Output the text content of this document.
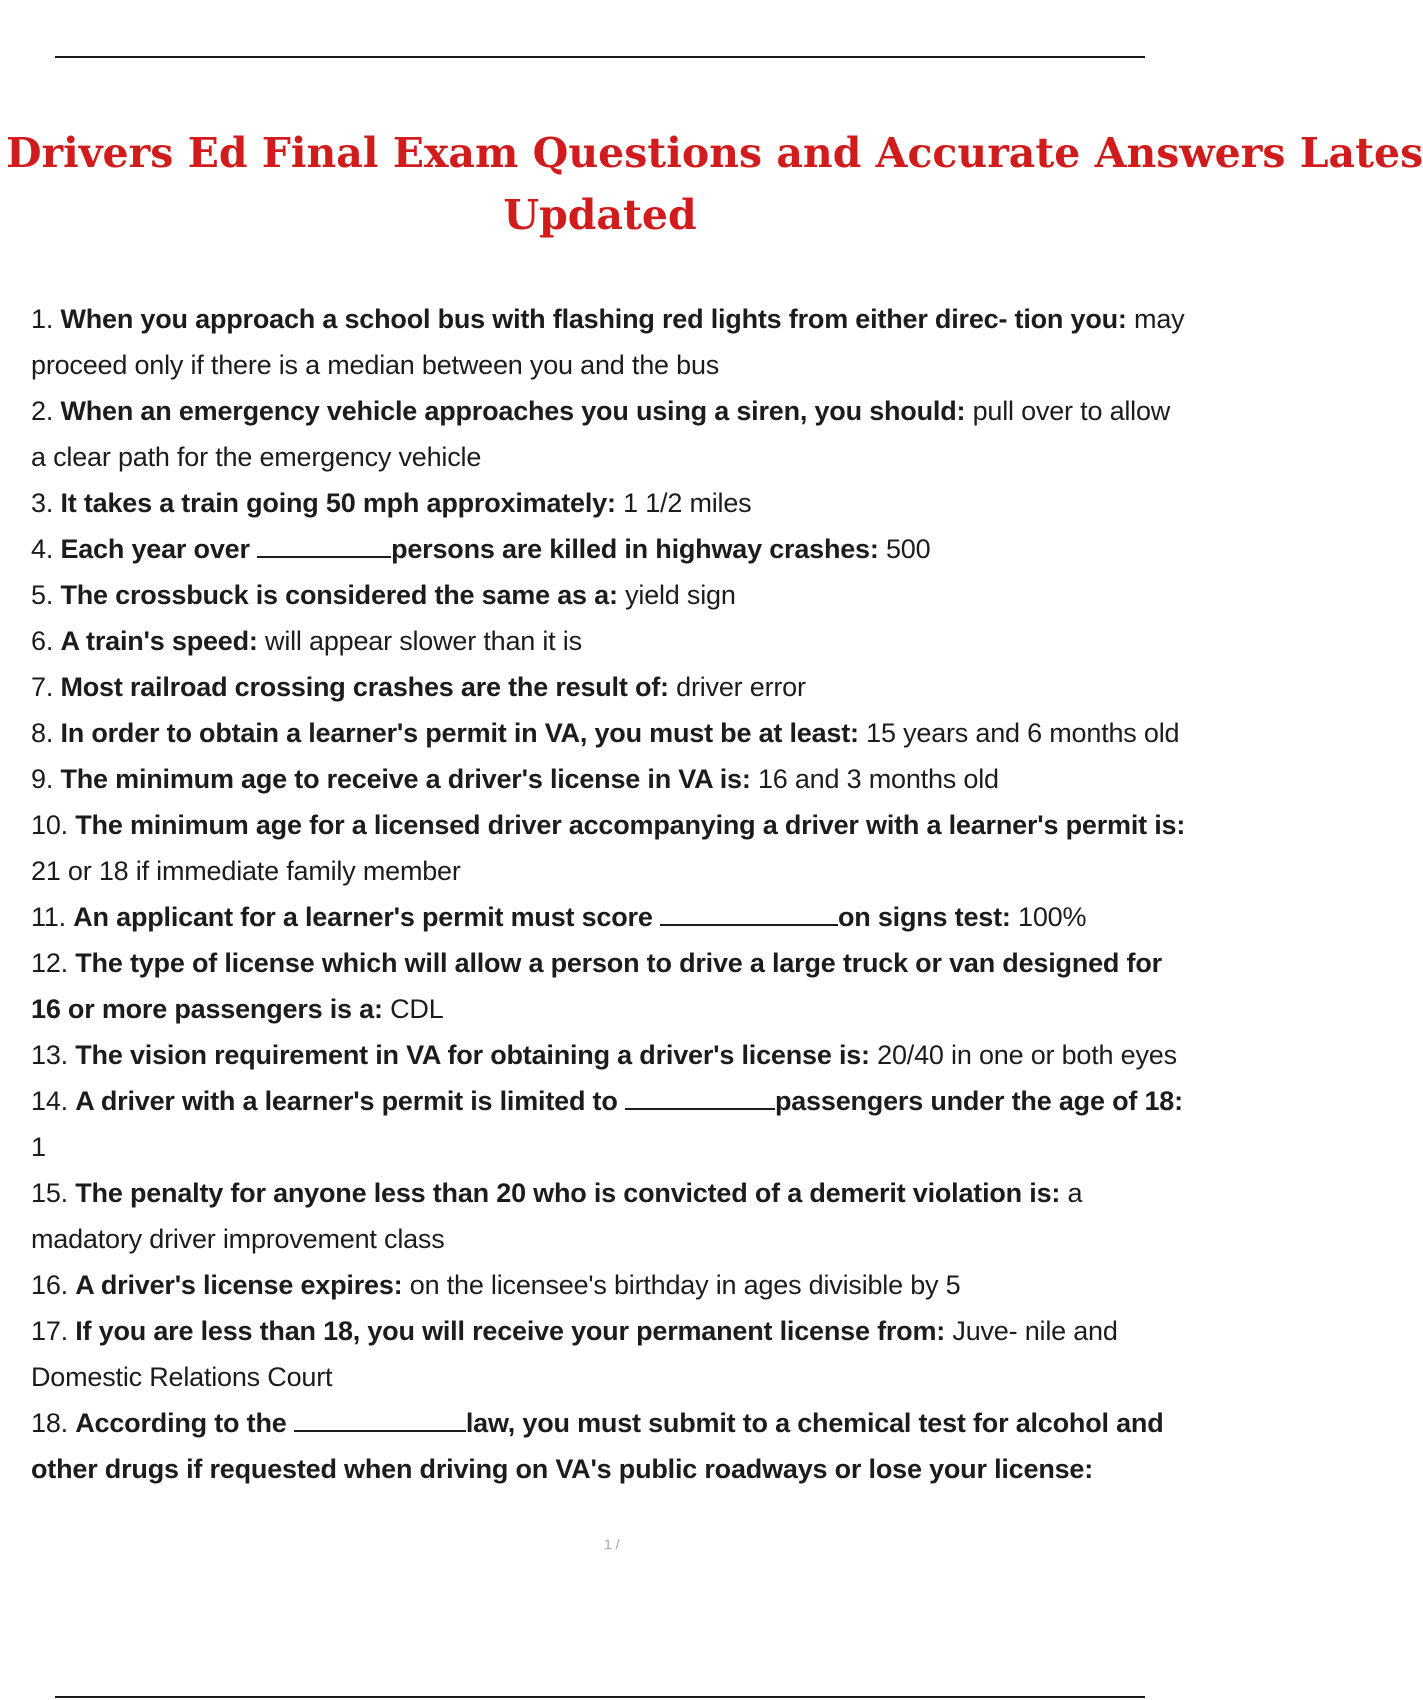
Drivers Ed Final Exam Questions and Accurate Answers Lates
Updated

1. When you approach a school bus with flashing red lights from either direc- tion you: may proceed only if there is a median between you and the bus

2. When an emergency vehicle approaches you using a siren, you should: pull over to allow a clear path for the emergency vehicle

3. It takes a train going 50 mph approximately: 1 1/2 miles

4. Each year over	persons are killed in highway crashes: 500

5. The crossbuck is considered the same as a: yield sign

6. A train's speed: will appear slower than it is

7. Most railroad crossing crashes are the result of: driver error

8. In order to obtain a learner's permit in VA, you must be at least: 15 years and 6 months old

9. The minimum age to receive a driver's license in VA is: 16 and 3 months old

10. The minimum age for a licensed driver accompanying a driver with a learner's permit is: 21 or 18 if immediate family member

11. An applicant for a learner's permit must score	on signs test: 100%

12. The type of license which will allow a person to drive a large truck or van designed for 16 or more passengers is a: CDL

13. The vision requirement in VA for obtaining a driver's license is: 20/40 in one or both eyes

14. A driver with a learner's permit is limited to	passengers under the age of 18: 1

15. The penalty for anyone less than 20 who is convicted of a demerit violation is: a madatory driver improvement class

16. A driver's license expires: on the licensee's birthday in ages divisible by 5

17. If you are less than 18, you will receive your permanent license from: Juve- nile and Domestic Relations Court

18. According to the	law, you must submit to a chemical test for alcohol and other drugs if requested when driving on VA's public roadways or lose your license:

1 /
